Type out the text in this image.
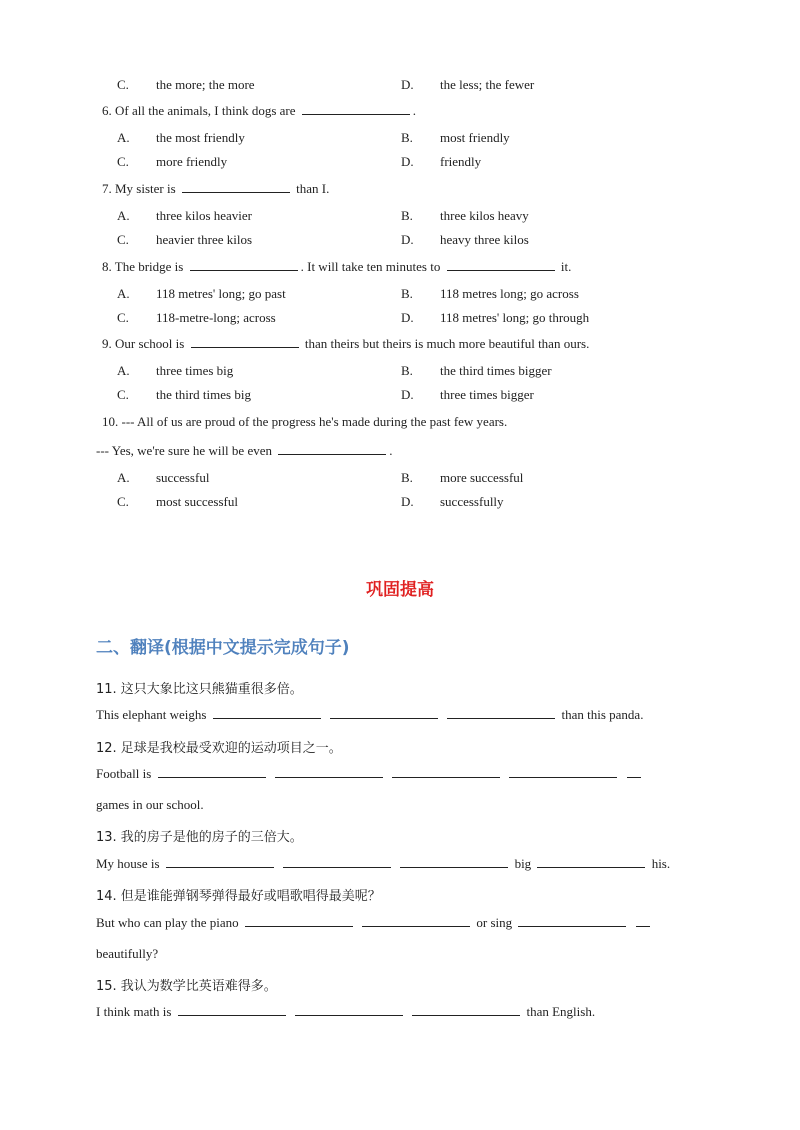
C. the more; the more	D. the less; the fewer
6. Of all the animals, I think dogs are	.
A. the most friendly	B. most friendly
C. more friendly	D. friendly
7. My sister is	than I.
A. three kilos heavier	B. three kilos heavy
C. heavier three kilos	D. heavy three kilos
8. The bridge is	. It will take ten minutes to	it.
A. 118 metres' long; go past	B. 118 metres long; go across
C. 118-metre-long; across	D. 118 metres' long; go through
9. Our school is	than theirs but theirs is much more beautiful than ours.
A. three times big	B. the third times bigger
C. the third times big	D. three times bigger
10. --- All of us are proud of the progress he's made during the past few years.
--- Yes, we're sure he will be even	.
A. successful	B. more successful
C. most successful	D. successfully
巩固提高
二、翻译(根据中文提示完成句子)
11. 这只大象比这只熊猫重很多倍。
This elephant weighs	than this panda.
12. 足球是我校最受欢迎的运动项目之一。
Football is
games in our school.
13. 我的房子是他的房子的三倍大。
My house is	big	his.
14. 但是谁能弹钢琴弹得最好或唱歌唱得最美呢？
But who can play the piano	or sing
beautifully?
15. 我认为数学比英语难得多。
I think math is	than English.
